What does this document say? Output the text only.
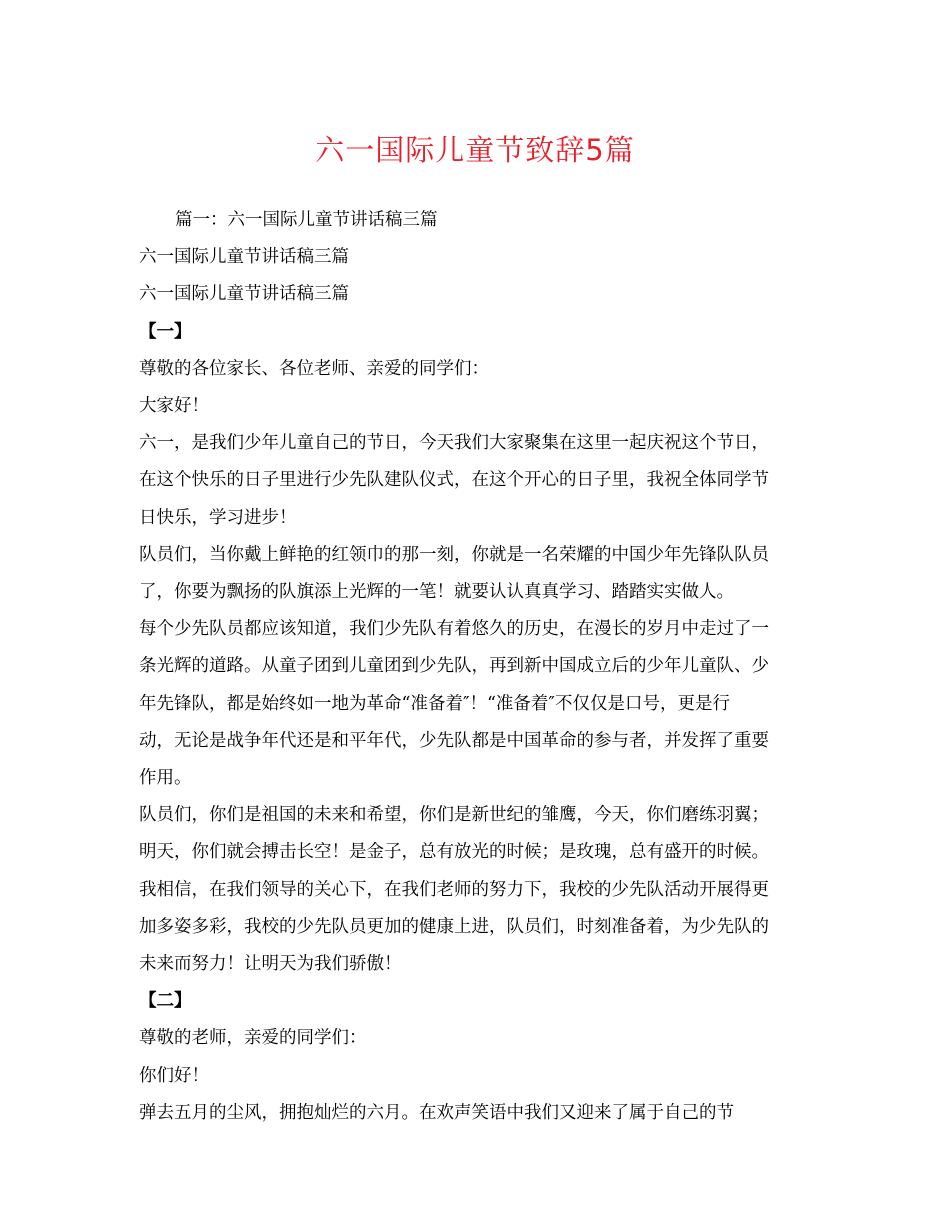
六一国际儿童节致辞5篇

篇一：六一国际儿童节讲话稿三篇

六一国际儿童节讲话稿三篇

六一国际儿童节讲话稿三篇

【一】

尊敬的各位家长、各位老师、亲爱的同学们：

大家好！

六一，是我们少年儿童自己的节日，今天我们大家聚集在这里一起庆祝这个节日，

在这个快乐的日子里进行少先队建队仪式，在这个开心的日子里，我祝全体同学节

日快乐，学习进步！

队员们，当你戴上鲜艳的红领巾的那一刻，你就是一名荣耀的中国少年先锋队队员

了，你要为飘扬的队旗添上光辉的一笔！就要认认真真学习、踏踏实实做人。

每个少先队员都应该知道，我们少先队有着悠久的历史，在漫长的岁月中走过了一

条光辉的道路。从童子团到儿童团到少先队，再到新中国成立后的少年儿童队、少

年先锋队，都是始终如一地为革命“准备着″！“准备着″不仅仅是口号，更是行

动，无论是战争年代还是和平年代，少先队都是中国革命的参与者，并发挥了重要

作用。

队员们，你们是祖国的未来和希望，你们是新世纪的雏鹰，今天，你们磨练羽翼；

明天，你们就会搏击长空！是金子，总有放光的时候；是玫瑰，总有盛开的时候。

我相信，在我们领导的关心下，在我们老师的努力下，我校的少先队活动开展得更

加多姿多彩，我校的少先队员更加的健康上进，队员们，时刻准备着，为少先队的

未来而努力！让明天为我们骄傲！

【二】

尊敬的老师，亲爱的同学们：

你们好！

弹去五月的尘风，拥抱灿烂的六月。在欢声笑语中我们又迎来了属于自己的节
